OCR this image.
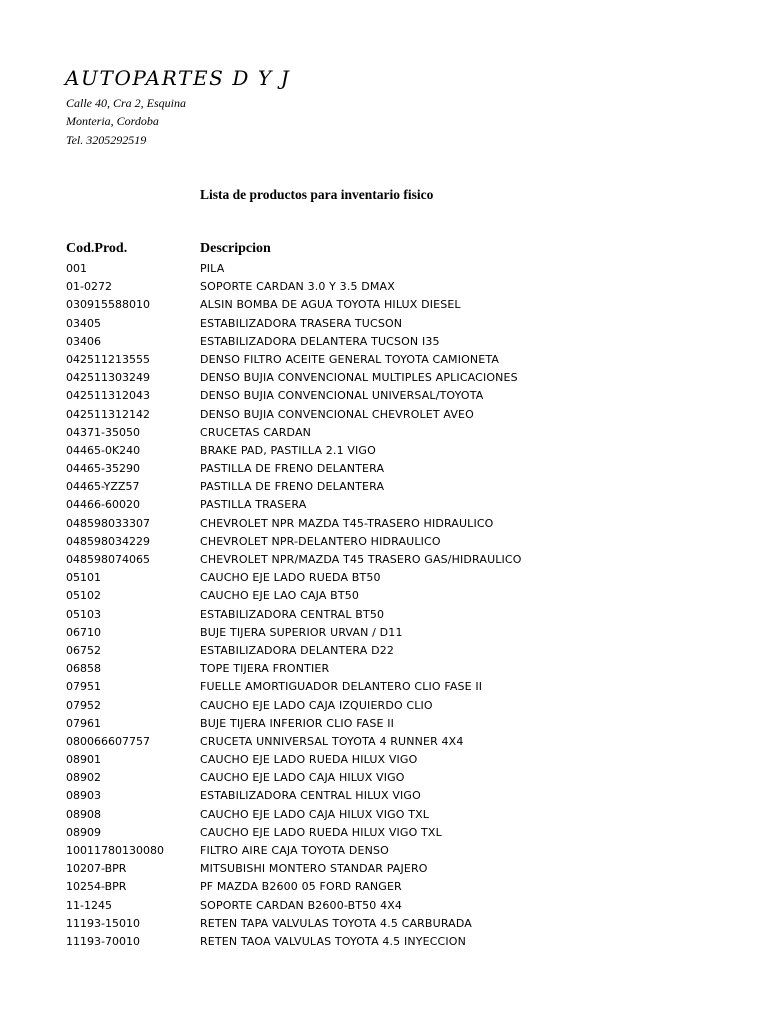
AUTOPARTES D Y J
Calle 40, Cra 2, Esquina
Monteria, Cordoba
Tel. 3205292519
Lista de productos para inventario fisico
Cod.Prod.	Descripcion
001	PILA
01-0272	SOPORTE CARDAN 3.0 Y 3.5 DMAX
030915588010	ALSIN BOMBA DE AGUA TOYOTA HILUX DIESEL
03405	ESTABILIZADORA TRASERA TUCSON
03406	ESTABILIZADORA DELANTERA TUCSON I35
042511213555	DENSO FILTRO ACEITE GENERAL TOYOTA CAMIONETA
042511303249	DENSO BUJIA CONVENCIONAL MULTIPLES APLICACIONES
042511312043	DENSO BUJIA CONVENCIONAL UNIVERSAL/TOYOTA
042511312142	DENSO BUJIA CONVENCIONAL CHEVROLET AVEO
04371-35050	CRUCETAS CARDAN
04465-0K240	BRAKE PAD, PASTILLA 2.1 VIGO
04465-35290	PASTILLA DE FRENO DELANTERA
04465-YZZ57	PASTILLA DE FRENO DELANTERA
04466-60020	PASTILLA TRASERA
048598033307	CHEVROLET NPR MAZDA T45-TRASERO HIDRAULICO
048598034229	CHEVROLET NPR-DELANTERO HIDRAULICO
048598074065	CHEVROLET NPR/MAZDA T45 TRASERO GAS/HIDRAULICO
05101	CAUCHO EJE LADO RUEDA BT50
05102	CAUCHO EJE LAO CAJA BT50
05103	ESTABILIZADORA CENTRAL BT50
06710	BUJE TIJERA SUPERIOR URVAN / D11
06752	ESTABILIZADORA DELANTERA D22
06858	TOPE TIJERA FRONTIER
07951	FUELLE AMORTIGUADOR DELANTERO CLIO FASE II
07952	CAUCHO EJE LADO CAJA IZQUIERDO CLIO
07961	BUJE TIJERA INFERIOR CLIO FASE II
080066607757	CRUCETA UNNIVERSAL TOYOTA 4 RUNNER 4X4
08901	CAUCHO EJE LADO RUEDA HILUX VIGO
08902	CAUCHO EJE LADO CAJA HILUX VIGO
08903	ESTABILIZADORA CENTRAL HILUX VIGO
08908	CAUCHO EJE LADO CAJA HILUX VIGO TXL
08909	CAUCHO EJE LADO RUEDA HILUX VIGO TXL
10011780130080	FILTRO AIRE CAJA TOYOTA DENSO
10207-BPR	MITSUBISHI MONTERO STANDAR PAJERO
10254-BPR	PF MAZDA B2600 05 FORD RANGER
11-1245	SOPORTE CARDAN B2600-BT50 4X4
11193-15010	RETEN TAPA VALVULAS TOYOTA 4.5 CARBURADA
11193-70010	RETEN TAOA VALVULAS TOYOTA 4.5 INYECCION
